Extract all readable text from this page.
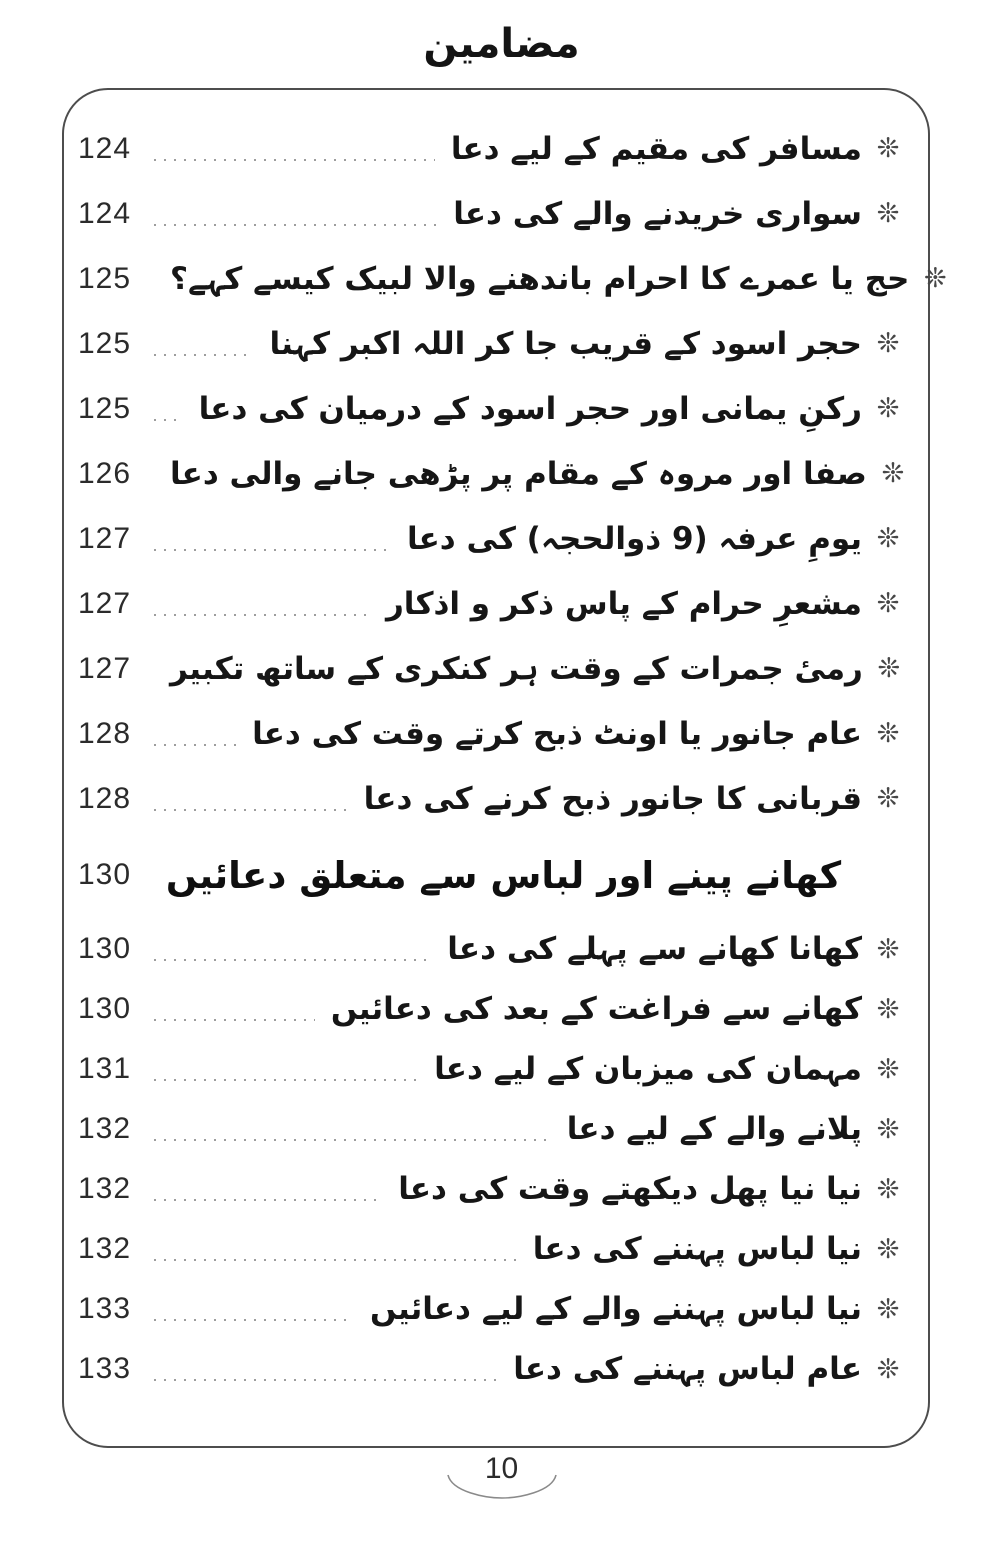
مضامین
124	مسافر کی مقیم کے لیے دعا ❊
124	سواری خریدنے والے کی دعا ❊
125	حج یا عمرے کا احرام باندھنے والا لبیک کیسے کہے؟ ❊
125	حجر اسود کے قریب جا کر اللہ اکبر کہنا ❊
125	رکنِ یمانی اور حجر اسود کے درمیان کی دعا ❊
126	صفا اور مروہ کے مقام پر پڑھی جانے والی دعا ❊
127	یومِ عرفہ (9 ذوالحجہ) کی دعا ❊
127	مشعرِ حرام کے پاس ذکر و اذکار ❊
127	رمیٔ جمرات کے وقت ہر کنکری کے ساتھ تکبیر ❊
128	عام جانور یا اونٹ ذبح کرتے وقت کی دعا ❊
128	قربانی کا جانور ذبح کرنے کی دعا ❊
130 کھانے پینے اور لباس سے متعلق دعائیں
130	کھانا کھانے سے پہلے کی دعا ❊
130	کھانے سے فراغت کے بعد کی دعائیں ❊
131	مہمان کی میزبان کے لیے دعا ❊
132	پلانے والے کے لیے دعا ❊
132	نیا نیا پھل دیکھتے وقت کی دعا ❊
132	نیا لباس پہننے کی دعا ❊
133	نیا لباس پہننے والے کے لیے دعائیں ❊
133	عام لباس پہننے کی دعا ❊
10
